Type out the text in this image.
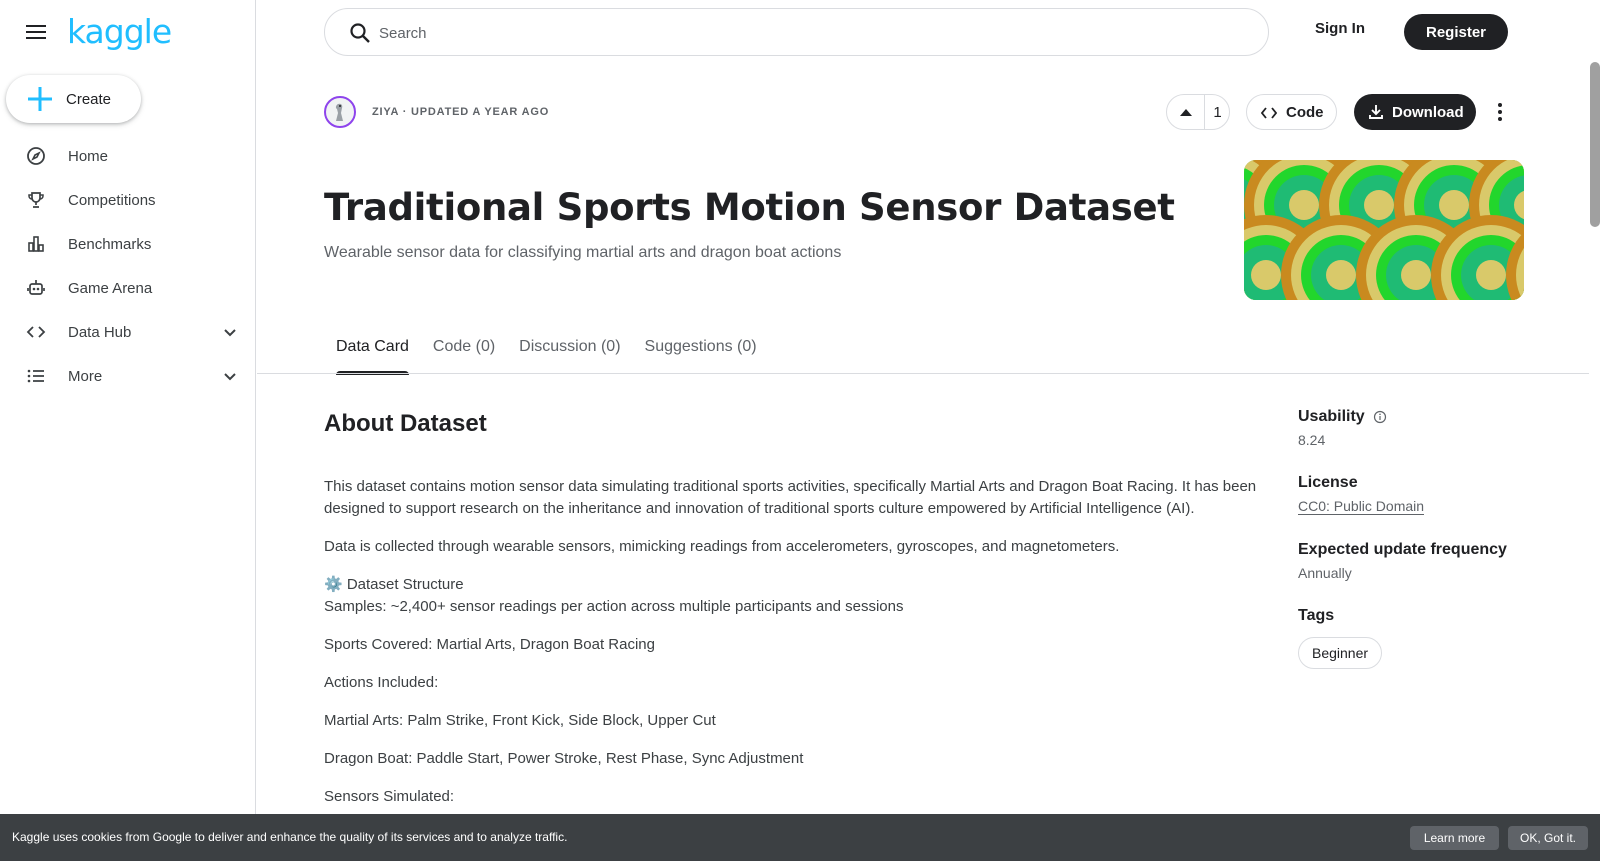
kaggle
Create
Home
Competitions
Benchmarks
Game Arena
Data Hub
More
Search
Sign In	Register
ZIYA · UPDATED A YEAR AGO	1	Code	Download
Traditional Sports Motion Sensor Dataset
Wearable sensor data for classifying martial arts and dragon boat actions
Data Card	Code (0)	Discussion (0)	Suggestions (0)
About Dataset

This dataset contains motion sensor data simulating traditional sports activities, specifically Martial Arts and Dragon Boat Racing. It has been designed to support research on the inheritance and innovation of traditional sports culture empowered by Artificial Intelligence (AI).

Data is collected through wearable sensors, mimicking readings from accelerometers, gyroscopes, and magnetometers.

⚙️ Dataset Structure
Samples: ~2,400+ sensor readings per action across multiple participants and sessions

Sports Covered: Martial Arts, Dragon Boat Racing

Actions Included:

Martial Arts: Palm Strike, Front Kick, Side Block, Upper Cut

Dragon Boat: Paddle Start, Power Stroke, Rest Phase, Sync Adjustment

Sensors Simulated:

Usability
8.24
License
CC0: Public Domain
Expected update frequency
Annually
Tags
Beginner
Kaggle uses cookies from Google to deliver and enhance the quality of its services and to analyze traffic.	Learn more	OK, Got it.
